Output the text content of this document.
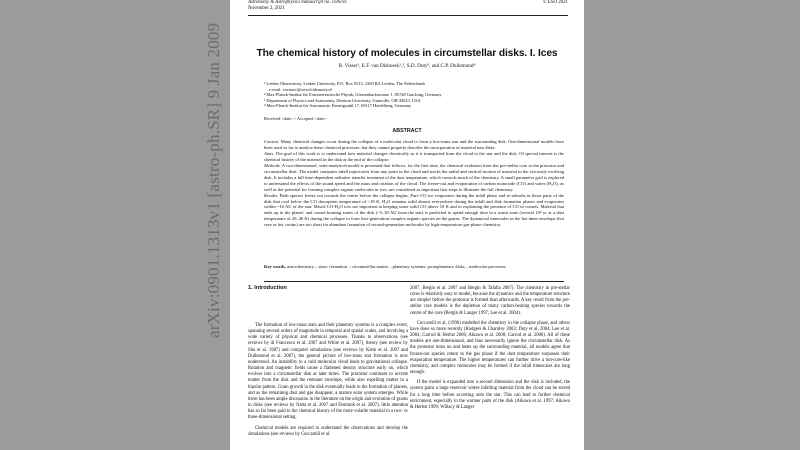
arXiv:0901.1313v1 [astro-ph.SR] 9 Jan 2009
Astronomy & Astrophysics manuscript no. collices
November 2, 2021
© ESO 2021
The chemical history of molecules in circumstellar disks. I. Ices
R. Visser¹, E.F. van Dishoeck¹,², S.D. Doty³, and C.P. Dullemond⁴
¹ Leiden Observatory, Leiden University, P.O. Box 9513, 2300 RA Leiden, The Netherlands
e-mail: ruvisser@strw.leidenuniv.nl
² Max-Planck-Institut für Extraterrestrische Physik, Giessenbachstrasse 1, 85748 Garching, Germany
³ Department of Physics and Astronomy, Denison University, Granville, OH 43023, USA
⁴ Max-Planck-Institut für Astronomie, Koenigstuhl 17, 69117 Heidelberg, Germany
Received <date> / Accepted <date>
ABSTRACT

Context. Many chemical changes occur during the collapse of a molecular cloud to form a low-mass star and the surrounding disk. One-dimensional models have been used so far to analyse these chemical processes, but they cannot properly describe the incorporation of material into disks.

Aims. The goal of this work is to understand how material changes chemically as it is transported from the cloud to the star and the disk. Of special interest is the chemical history of the material in the disk at the end of the collapse.

Methods. A two-dimensional, semi-analytical model is presented that follows, for the first time, the chemical evolution from the pre-stellar core to the protostar and circumstellar disk. The model computes infall trajectories from any point in the cloud and tracks the radial and vertical motion of material in the viscously evolving disk. It includes a full time-dependent radiative transfer treatment of the dust temperature, which controls much of the chemistry. A small parameter grid is explored to understand the effects of the sound speed and the mass and rotation of the cloud. The freeze-out and evaporation of carbon monoxide (CO) and water (H₂O), as well as the potential for forming complex organic molecules in ices, are considered as important first steps to illustrate the full chemistry.

Results. Both species freeze out towards the centre before the collapse begins. Pure CO ice evaporates during the infall phase and re-adsorbs in those parts of the disk that cool below the CO desorption temperature of ~18 K. H₂O remains solid almost everywhere during the infall and disk formation phases and evaporates within ~10 AU of the star. Mixed CO-H₂O ices are important in keeping some solid CO above 18 K and in explaining the presence of CO in comets. Material that ends up in the planet- and comet-forming zones of the disk (~5–30 AU from the star) is predicted to spend enough time in a warm zone (several 10⁴ yr at a dust temperature of 20–40 K) during the collapse to form first-generation complex organic species on the grains. The dynamical timescales in the hot inner envelope (hot core or hot corino) are too short for abundant formation of second-generation molecules by high-temperature gas-phase chemistry.

Key words. astrochemistry – stars: formation – circumstellar matter – planetary systems: protoplanetary disks – molecular processes
1. Introduction

The formation of low-mass stars and their planetary systems is a complex event, spanning several orders of magnitude in temporal and spatial scales, and involving a wide variety of physical and chemical processes. Thanks to observations (see reviews by di Francesco et al. 2007 and White et al. 2007), theory (see review by Shu et al. 1987) and computer simulations (see reviews by Klein et al. 2007 and Dullemond et al. 2007), the general picture of low-mass star formation is now understood. An instability in a cold molecular cloud leads to gravitational collapse. Rotation and magnetic fields cause a flattened density structure early on, which evolves into a circumstellar disk at later times. The protostar continues to accrete matter from the disk and the remnant envelope, while also expelling matter in a bipolar pattern. Grain growth in the disk eventually leads to the formation of planets, and as the remaining dust and gas disappear, a mature solar system emerges. While there has been ample discussion in the literature on the origin and evolution of grains in disks (see reviews by Natta et al. 2007 and Dominik et al. 2007), little attention has so far been paid to the chemical history of the more volatile material in a two- or three-dimensional setting.

Chemical models are required to understand the observations and develop the simulations (see reviews by Ceccarelli et al.

2007, Bergin et al. 2007 and Bergin & Tafalla 2007). The chemistry in pre-stellar cores is relatively easy to model, because the dynamics and the temperature structure are simpler before the protostar is formed than afterwards. A key result from the pre-stellar core models is the depletion of many carbon-bearing species towards the centre of the core (Bergin & Langer 1997; Lee et al. 2004).

Ceccarelli et al. (1996) modelled the chemistry in the collapse phase, and others have done so more recently (Rodgers & Charnley 2003; Doty et al. 2004; Lee et al. 2004; Garrod & Herbst 2006; Aikawa et al. 2008; Garrod et al. 2008). All of these models are one-dimensional, and thus necessarily ignore the circumstellar disk. As the protostar turns on and heats up the surrounding material, all models agree that frozen-out species return to the gas phase if the dust temperature surpasses their evaporation temperature. The higher temperatures can further drive a hot-core-like chemistry, and complex molecules may be formed if the infall timescales are long enough.

If the model is expanded into a second dimension and the disk is included, the system gains a large reservoir where infalling material from the cloud can be stored for a long time before accreting onto the star. This can lead to further chemical enrichment, especially in the warmer parts of the disk (Aikawa et al. 1997; Aikawa & Herbst 1999; Willacy & Langer
